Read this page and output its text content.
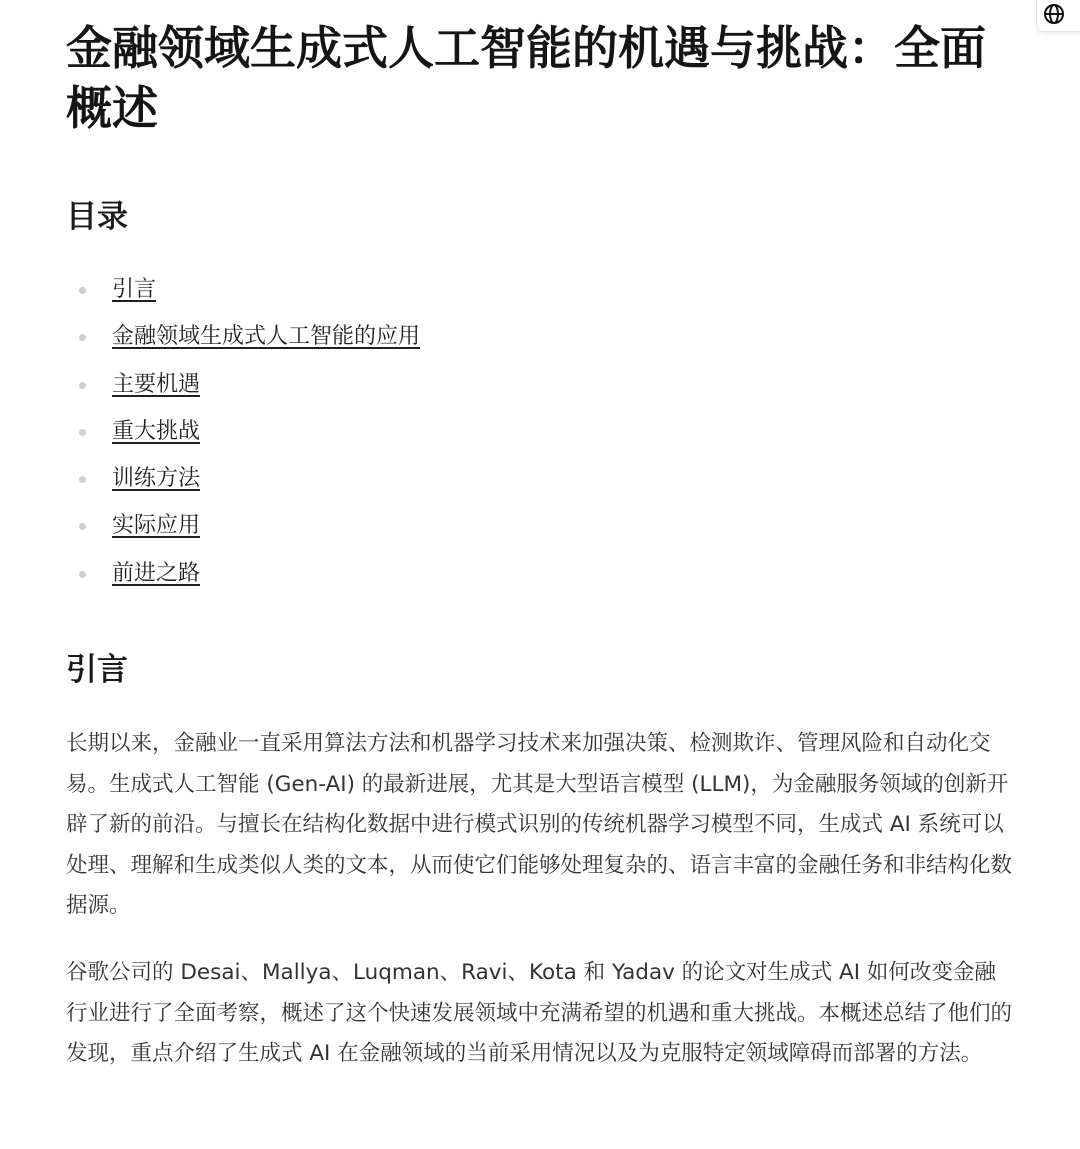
金融领域生成式人工智能的机遇与挑战：全面概述
目录
引言
金融领域生成式人工智能的应用
主要机遇
重大挑战
训练方法
实际应用
前进之路
引言

长期以来，金融业一直采用算法方法和机器学习技术来加强决策、检测欺诈、管理风险和自动化交易。生成式人工智能 (Gen-AI) 的最新进展，尤其是大型语言模型 (LLM)，为金融服务领域的创新开辟了新的前沿。与擅长在结构化数据中进行模式识别的传统机器学习模型不同，生成式 AI 系统可以处理、理解和生成类似人类的文本，从而使它们能够处理复杂的、语言丰富的金融任务和非结构化数据源。

谷歌公司的 Desai、Mallya、Luqman、Ravi、Kota 和 Yadav 的论文对生成式 AI 如何改变金融行业进行了全面考察，概述了这个快速发展领域中充满希望的机遇和重大挑战。本概述总结了他们的发现，重点介绍了生成式 AI 在金融领域的当前采用情况以及为克服特定领域障碍而部署的方法。
